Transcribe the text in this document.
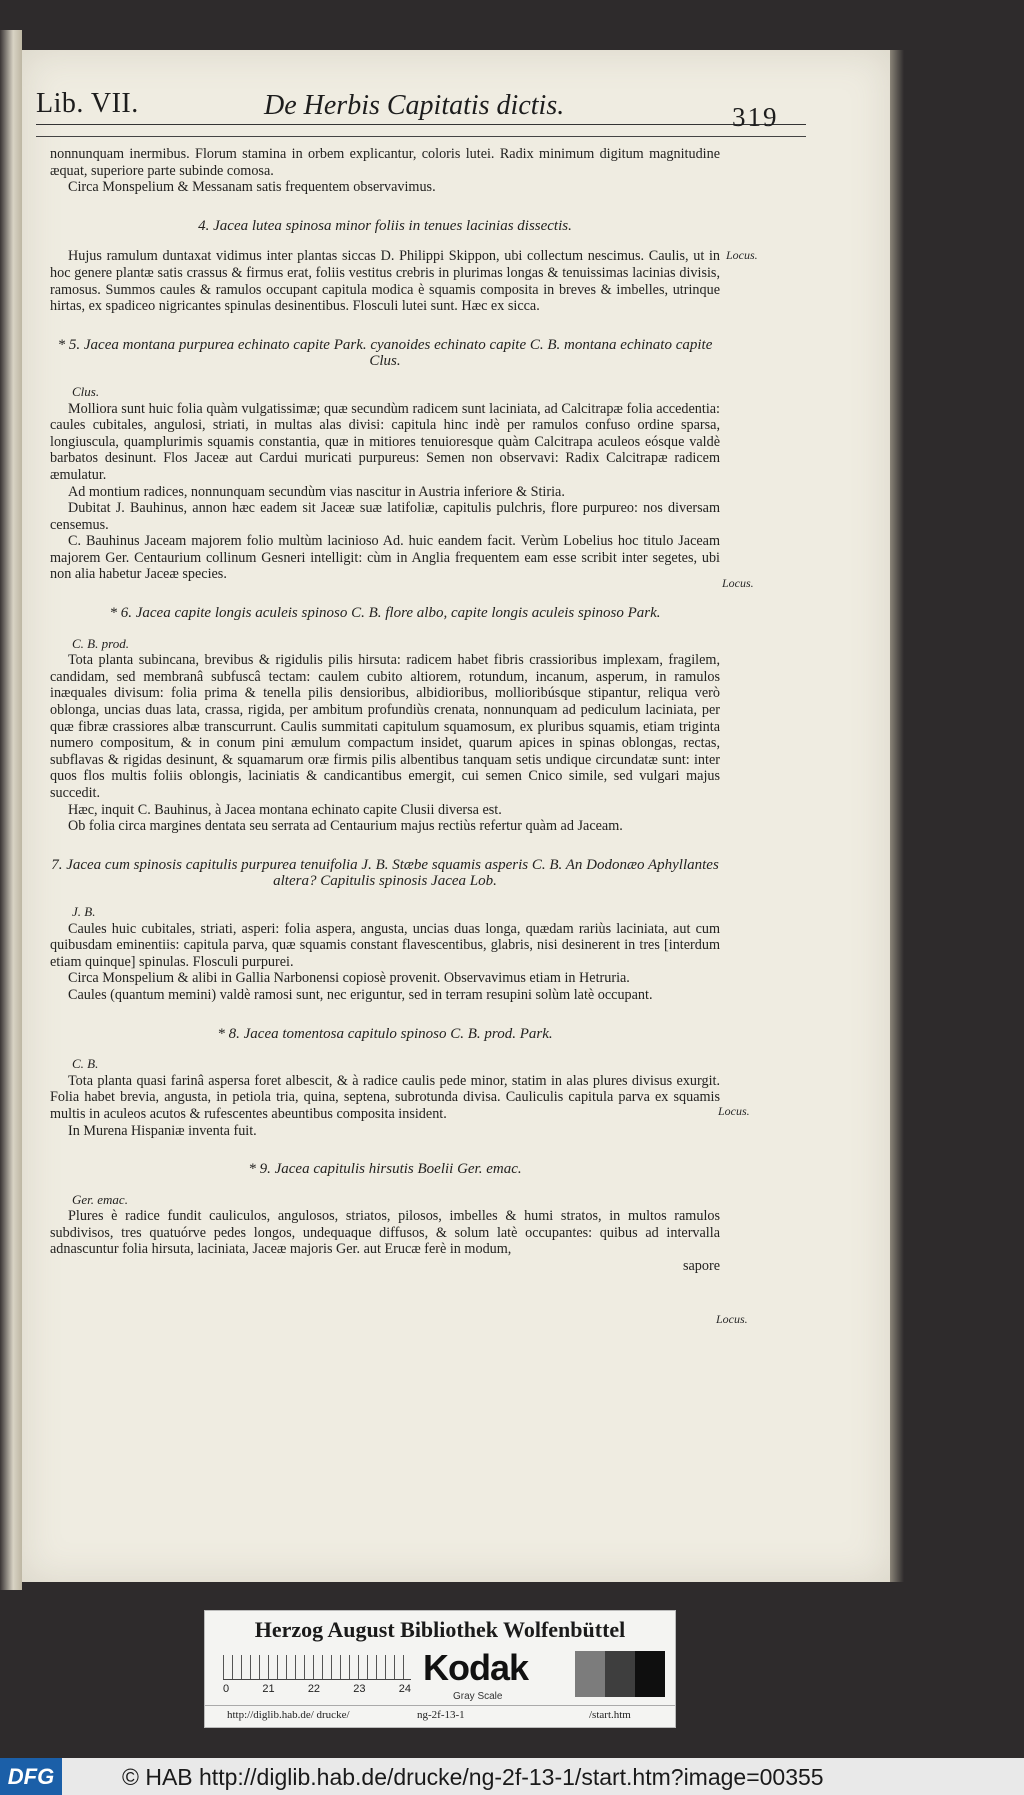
Lib. VII.	De Herbis Capitatis dictis.	319
Locus.
Locus.
Locus.
Locus.

nonnunquam inermibus. Florum stamina in orbem explicantur, coloris lutei. Radix minimum digitum magnitudine æquat, superiore parte subinde comosa.

Circa Monspelium & Messanam satis frequentem observavimus.

4. Jacea lutea spinosa minor foliis in tenues lacinias dissectis.

Hujus ramulum duntaxat vidimus inter plantas siccas D. Philippi Skippon, ubi collectum nescimus. Caulis, ut in hoc genere plantæ satis crassus & firmus erat, foliis vestitus crebris in plurimas longas & tenuissimas lacinias divisis, ramosus. Summos caules & ramulos occupant capitula modica è squamis composita in breves & imbelles, utrinque hirtas, ex spadiceo nigricantes spinulas desinentibus. Flosculi lutei sunt. Hæc ex sicca.

* 5. Jacea montana purpurea echinato capite Park. cyanoides echinato capite C. B. montana echinato capite Clus.
Clus.

Molliora sunt huic folia quàm vulgatissimæ; quæ secundùm radicem sunt laciniata, ad Calcitrapæ folia accedentia: caules cubitales, angulosi, striati, in multas alas divisi: capitula hinc indè per ramulos confuso ordine sparsa, longiuscula, quamplurimis squamis constantia, quæ in mitiores tenuioresque quàm Calcitrapa aculeos eósque valdè barbatos desinunt. Flos Jaceæ aut Cardui muricati purpureus: Semen non observavi: Radix Calcitrapæ radicem æmulatur.

Ad montium radices, nonnunquam secundùm vias nascitur in Austria inferiore & Stiria.

Dubitat J. Bauhinus, annon hæc eadem sit Jaceæ suæ latifoliæ, capitulis pulchris, flore purpureo: nos diversam censemus.

C. Bauhinus Jaceam majorem folio multùm lacinioso Ad. huic eandem facit. Verùm Lobelius hoc titulo Jaceam majorem Ger. Centaurium collinum Gesneri intelligit: cùm in Anglia frequentem eam esse scribit inter segetes, ubi non alia habetur Jaceæ species.

* 6. Jacea capite longis aculeis spinoso C. B. flore albo, capite longis aculeis spinoso Park.
C. B. prod.

Tota planta subincana, brevibus & rigidulis pilis hirsuta: radicem habet fibris crassioribus implexam, fragilem, candidam, sed membranâ subfuscâ tectam: caulem cubito altiorem, rotundum, incanum, asperum, in ramulos inæquales divisum: folia prima & tenella pilis densioribus, albidioribus, mollioribúsque stipantur, reliqua verò oblonga, uncias duas lata, crassa, rigida, per ambitum profundiùs crenata, nonnunquam ad pediculum laciniata, per quæ fibræ crassiores albæ transcurrunt. Caulis summitati capitulum squamosum, ex pluribus squamis, etiam triginta numero compositum, & in conum pini æmulum compactum insidet, quarum apices in spinas oblongas, rectas, subflavas & rigidas desinunt, & squamarum oræ firmis pilis albentibus tanquam setis undique circundatæ sunt: inter quos flos multis foliis oblongis, laciniatis & candicantibus emergit, cui semen Cnico simile, sed vulgari majus succedit.

Hæc, inquit C. Bauhinus, à Jacea montana echinato capite Clusii diversa est.

Ob folia circa margines dentata seu serrata ad Centaurium majus rectiùs refertur quàm ad Jaceam.

7. Jacea cum spinosis capitulis purpurea tenuifolia J. B. Stæbe squamis asperis C. B. An Dodonæo Aphyllantes altera? Capitulis spinosis Jacea Lob.
J. B.

Caules huic cubitales, striati, asperi: folia aspera, angusta, uncias duas longa, quædam rariùs laciniata, aut cum quibusdam eminentiis: capitula parva, quæ squamis constant flavescentibus, glabris, nisi desinerent in tres [interdum etiam quinque] spinulas. Flosculi purpurei.

Circa Monspelium & alibi in Gallia Narbonensi copiosè provenit. Observavimus etiam in Hetruria.

Caules (quantum memini) valdè ramosi sunt, nec eriguntur, sed in terram resupini solùm latè occupant.

* 8. Jacea tomentosa capitulo spinoso C. B. prod. Park.
C. B.

Tota planta quasi farinâ aspersa foret albescit, & à radice caulis pede minor, statim in alas plures divisus exurgit. Folia habet brevia, angusta, in petiola tria, quina, septena, subrotunda divisa. Cauliculis capitula parva ex squamis multis in aculeos acutos & rufescentes abeuntibus composita insident.

In Murena Hispaniæ inventa fuit.

* 9. Jacea capitulis hirsutis Boelii Ger. emac.
Ger. emac.

Plures è radice fundit cauliculos, angulosos, striatos, pilosos, imbelles & humi stratos, in multos ramulos subdivisos, tres quatuórve pedes longos, undequaque diffusos, & solum latè occupantes: quibus ad intervalla adnascuntur folia hirsuta, laciniata, Jaceæ majoris Ger. aut Erucæ ferè in modum,

sapore

Herzog August Bibliothek Wolfenbüttel
0	21	22	23	24
Kodak
Gray Scale
http://diglib.hab.de/ drucke/	ng-2f-13-1	/start.htm
DFG	© HAB http://diglib.hab.de/drucke/ng-2f-13-1/start.htm?image=00355
